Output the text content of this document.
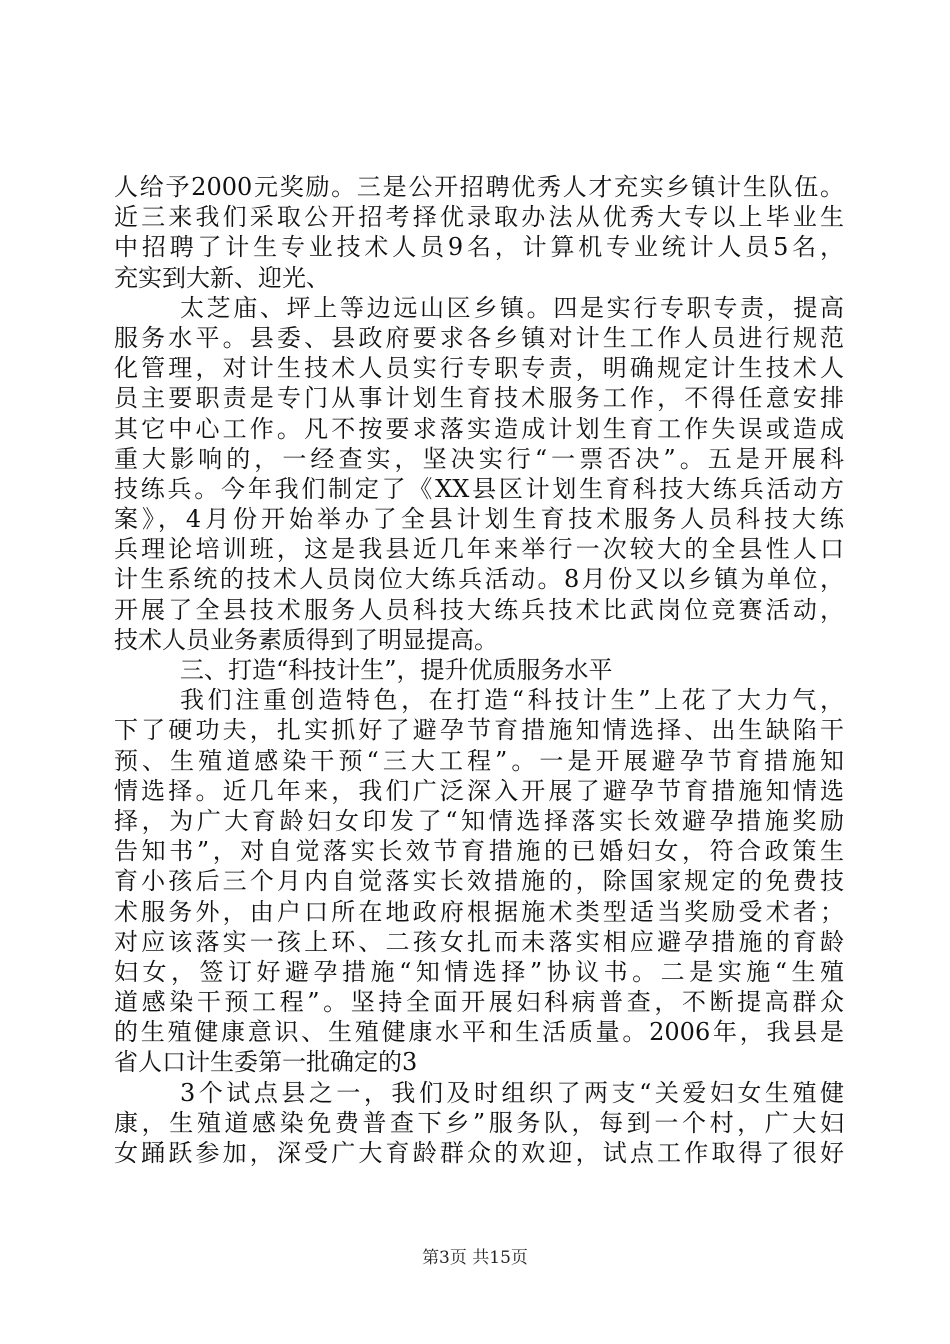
人给予2000元奖励。三是公开招聘优秀人才充实乡镇计生队伍。
近三来我们采取公开招考择优录取办法从优秀大专以上毕业生
中招聘了计生专业技术人员9名，计算机专业统计人员5名，
充实到大新、迎光、
太芝庙、坪上等边远山区乡镇。四是实行专职专责，提高
服务水平。县委、县政府要求各乡镇对计生工作人员进行规范
化管理，对计生技术人员实行专职专责，明确规定计生技术人
员主要职责是专门从事计划生育技术服务工作，不得任意安排
其它中心工作。凡不按要求落实造成计划生育工作失误或造成
重大影响的，一经查实，坚决实行“一票否决”。五是开展科
技练兵。今年我们制定了《XX县区计划生育科技大练兵活动方
案》，4月份开始举办了全县计划生育技术服务人员科技大练
兵理论培训班，这是我县近几年来举行一次较大的全县性人口
计生系统的技术人员岗位大练兵活动。8月份又以乡镇为单位，
开展了全县技术服务人员科技大练兵技术比武岗位竞赛活动，
技术人员业务素质得到了明显提高。
三、打造“科技计生”，提升优质服务水平
我们注重创造特色，在打造“科技计生”上花了大力气，
下了硬功夫，扎实抓好了避孕节育措施知情选择、出生缺陷干
预、生殖道感染干预“三大工程”。一是开展避孕节育措施知
情选择。近几年来，我们广泛深入开展了避孕节育措施知情选
择，为广大育龄妇女印发了“知情选择落实长效避孕措施奖励
告知书”，对自觉落实长效节育措施的已婚妇女，符合政策生
育小孩后三个月内自觉落实长效措施的，除国家规定的免费技
术服务外，由户口所在地政府根据施术类型适当奖励受术者；
对应该落实一孩上环、二孩女扎而未落实相应避孕措施的育龄
妇女，签订好避孕措施“知情选择”协议书。二是实施“生殖
道感染干预工程”。坚持全面开展妇科病普查，不断提高群众
的生殖健康意识、生殖健康水平和生活质量。2006年，我县是
省人口计生委第一批确定的3
3个试点县之一，我们及时组织了两支“关爱妇女生殖健
康，生殖道感染免费普查下乡”服务队，每到一个村，广大妇
女踊跃参加，深受广大育龄群众的欢迎，试点工作取得了很好
第3页 共15页
